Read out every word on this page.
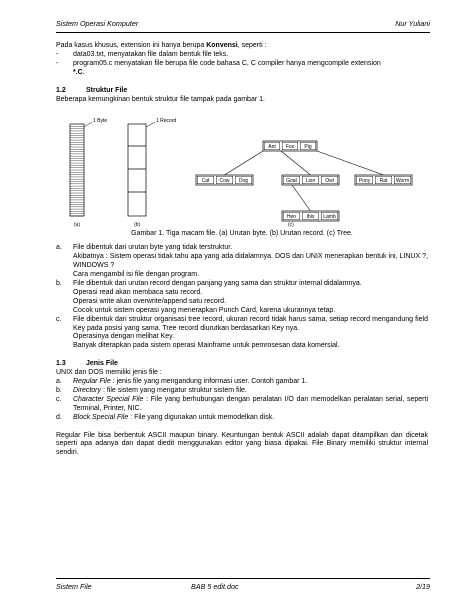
Sistem Operasi Komputer	Nur Yuliani

Pada kasus khusus, extension ini hanya berupa Konvensi, seperti :

- data03.txt, menyatakan file dalam bentuk file teks.
- program05.c menyatakan file berupa file code bahasa C, C compiler hanya mengcompile extension
*.C.

1.2	Struktur File

Beberapa kemungkinan bentuk struktur file tampak pada gambar 1.

1 Byte
(a)
1 Record
(b)
Ant Fox Pig
Cat Cow Dog	Goat Lion Owl	Pony Rat Worm
Hen Ibis Lamb
(c)

Gambar 1. Tiga macam file. (a) Urutan byte. (b) Urutan record. (c) Tree.

a. File dibentuk dari urutan byte yang tidak terstruktur.

Akibatnya : Sistem operasi tidak tahu apa yang ada didalamnya. DOS dan UNIX menerapkan bentuk ini, LINUX ?, WINDOWS ?

Cara mengambil isi file dengan program.

b. File dibentuk dari urutan record dengan panjang yang sama dan struktur internal didalamnya.

Operasi read akan membaca satu record.

Operasi write akan overwrite/append satu record.

Cocok untuk sistem operasi yang menerapkan Punch Card, karena ukurannya tetap.

c. File dibentuk dari struktur organisasi tree record, ukuran record tidak harus sama, setiap record mengandung field Key pada posisi yang sama. Tree record diurutkan berdasarkan Key nya.

Operasinya dengan melihat Key.

Banyak diterapkan pada sistem operasi Mainframe untuk pemrosesan data komersial.

1.3	Jenis File

UNIX dan DOS memiliki jenis file :

a. Regular File : jenis file yang mengandung informasi user. Contoh gambar 1.
b. Directory : file sistem yang mengatur struktur sistem file.
c. Character Special File : File yang berhubungan dengan peralatan I/O dan memodelkan peralatan serial, seperti Terminal, Printer, NIC.
d. Block Special File : File yang digunakan untuk memodelkan disk.

Regular File bisa berbentuk ASCII maupun binary. Keuntungan bentuk ASCII adalah dapat ditampilkan dan dicetak seperti apa adanya dan dapat diedit menggunakan editor yang biasa dipakai. File Binary memiliki struktur internal sendiri.

Sistem File	BAB 5 edit.doc	2/19
